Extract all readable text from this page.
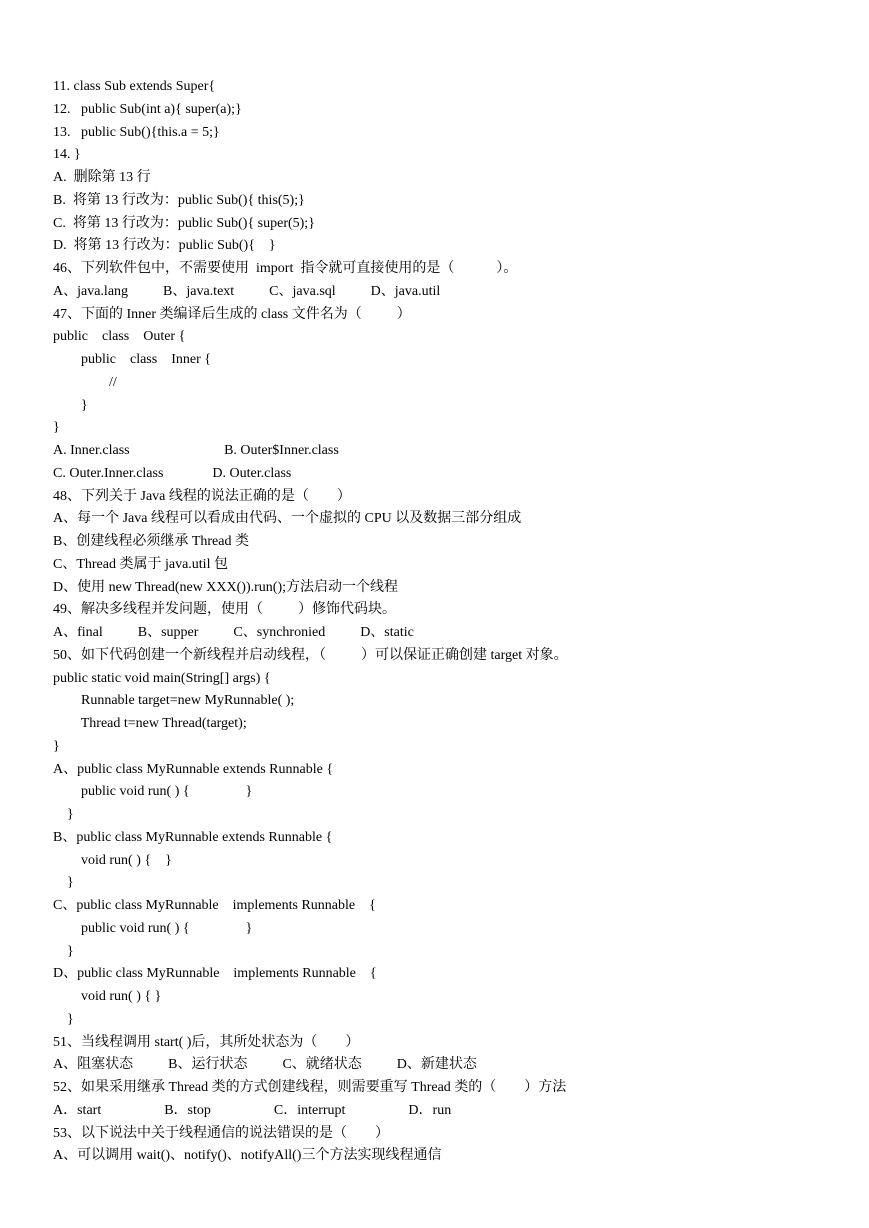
11. class Sub extends Super{
12.   public Sub(int a){ super(a);}
13.   public Sub(){this.a = 5;}
14. }
A.  删除第 13 行
B.  将第 13 行改为：public Sub(){ this(5);}
C.  将第 13 行改为：public Sub(){ super(5);}
D.  将第 13 行改为：public Sub(){    }
46、下列软件包中，不需要使用  import  指令就可直接使用的是（            ）。
A、java.lang          B、java.text          C、java.sql          D、java.util
47、下面的 Inner 类编译后生成的 class 文件名为（          ）
public    class    Outer {
public    class    Inner {
//
}
}
A. Inner.class                           B. Outer$Inner.class
C. Outer.Inner.class              D. Outer.class
48、下列关于 Java 线程的说法正确的是（        ）
A、每一个 Java 线程可以看成由代码、一个虚拟的 CPU 以及数据三部分组成
B、创建线程必须继承 Thread 类
C、Thread 类属于 java.util 包
D、使用 new Thread(new XXX()).run();方法启动一个线程
49、解决多线程并发问题，使用（          ）修饰代码块。
A、final          B、supper          C、synchronied          D、static
50、如下代码创建一个新线程并启动线程，（          ）可以保证正确创建 target 对象。
public static void main(String[] args) {
Runnable target=new MyRunnable( );
Thread t=new Thread(target);
}
A、public class MyRunnable extends Runnable {
public void run( ) {                }
}
B、public class MyRunnable extends Runnable {
void run( ) {    }
}
C、public class MyRunnable    implements Runnable    {
public void run( ) {                }
}
D、public class MyRunnable    implements Runnable    {
void run( ) { }
}
51、当线程调用 start( )后，其所处状态为（        ）
A、阻塞状态          B、运行状态          C、就绪状态          D、新建状态
52、如果采用继承 Thread 类的方式创建线程，则需要重写 Thread 类的（        ）方法
A．start                  B．stop                  C．interrupt                  D．run
53、以下说法中关于线程通信的说法错误的是（        ）
A、可以调用 wait()、notify()、notifyAll()三个方法实现线程通信
